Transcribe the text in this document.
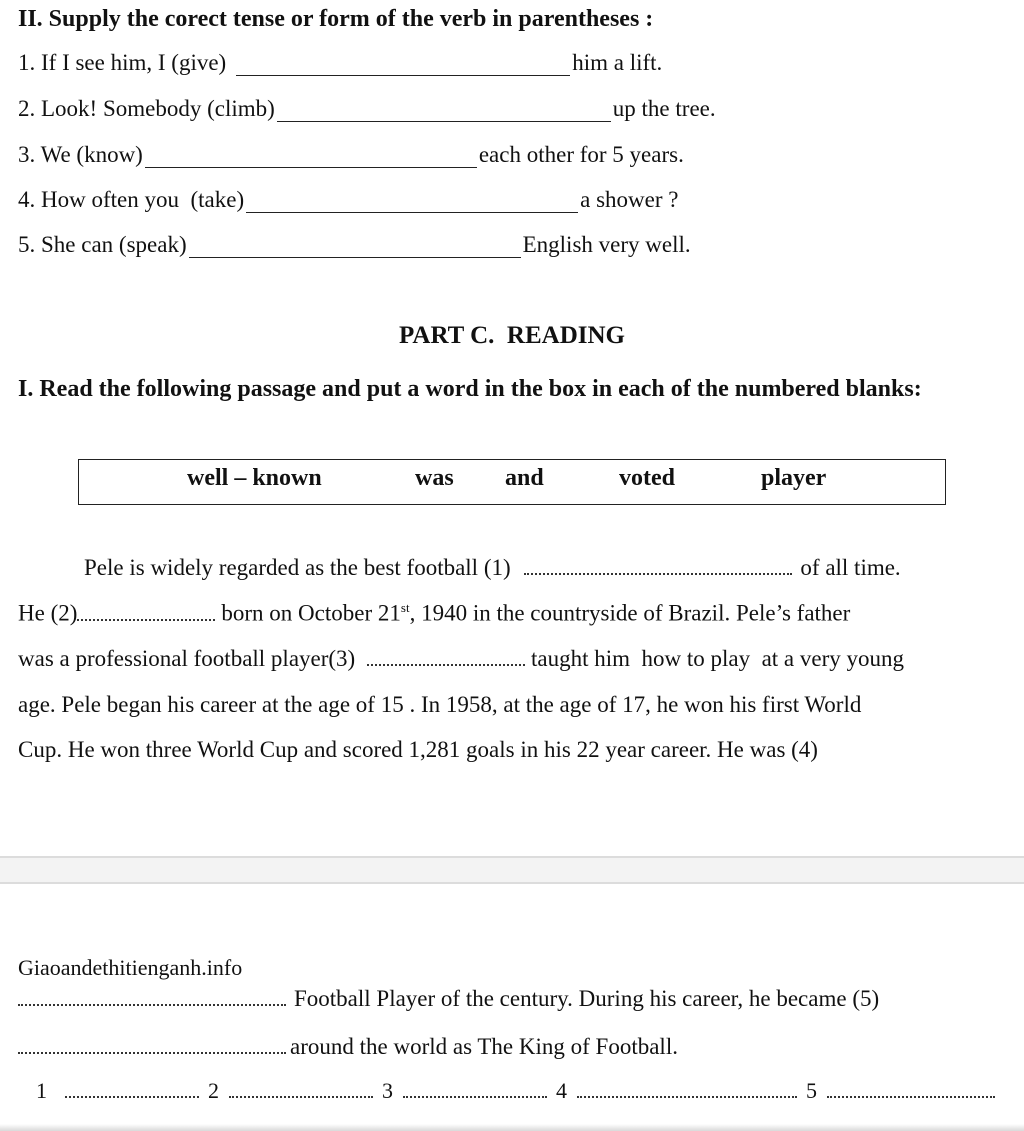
II. Supply the corect tense or form of the verb in parentheses :
1. If I see him, I (give)	him a lift.
2. Look! Somebody (climb)	up the tree.
3. We (know)	each other for 5 years.
4. How often you  (take)	a shower ?
5. She can (speak)	English very well.
PART C.  READING
I. Read the following passage and put a word in the box in each of the numbered blanks:
well – known	was and	voted	player
Pele is widely regarded as the best football (1)	of all time.
He (2)	born on October 21st, 1940 in the countryside of Brazil. Pele’s father
was a professional football player(3)	taught him  how to play  at a very young
age. Pele began his career at the age of 15 . In 1958, at the age of 17, he won his first World
Cup. He won three World Cup and scored 1,281 goals in his 22 year career. He was (4)
Giaoandethitienganh.info
Football Player of the century. During his career, he became (5)
around the world as The King of Football.
1	2	3	4	5
